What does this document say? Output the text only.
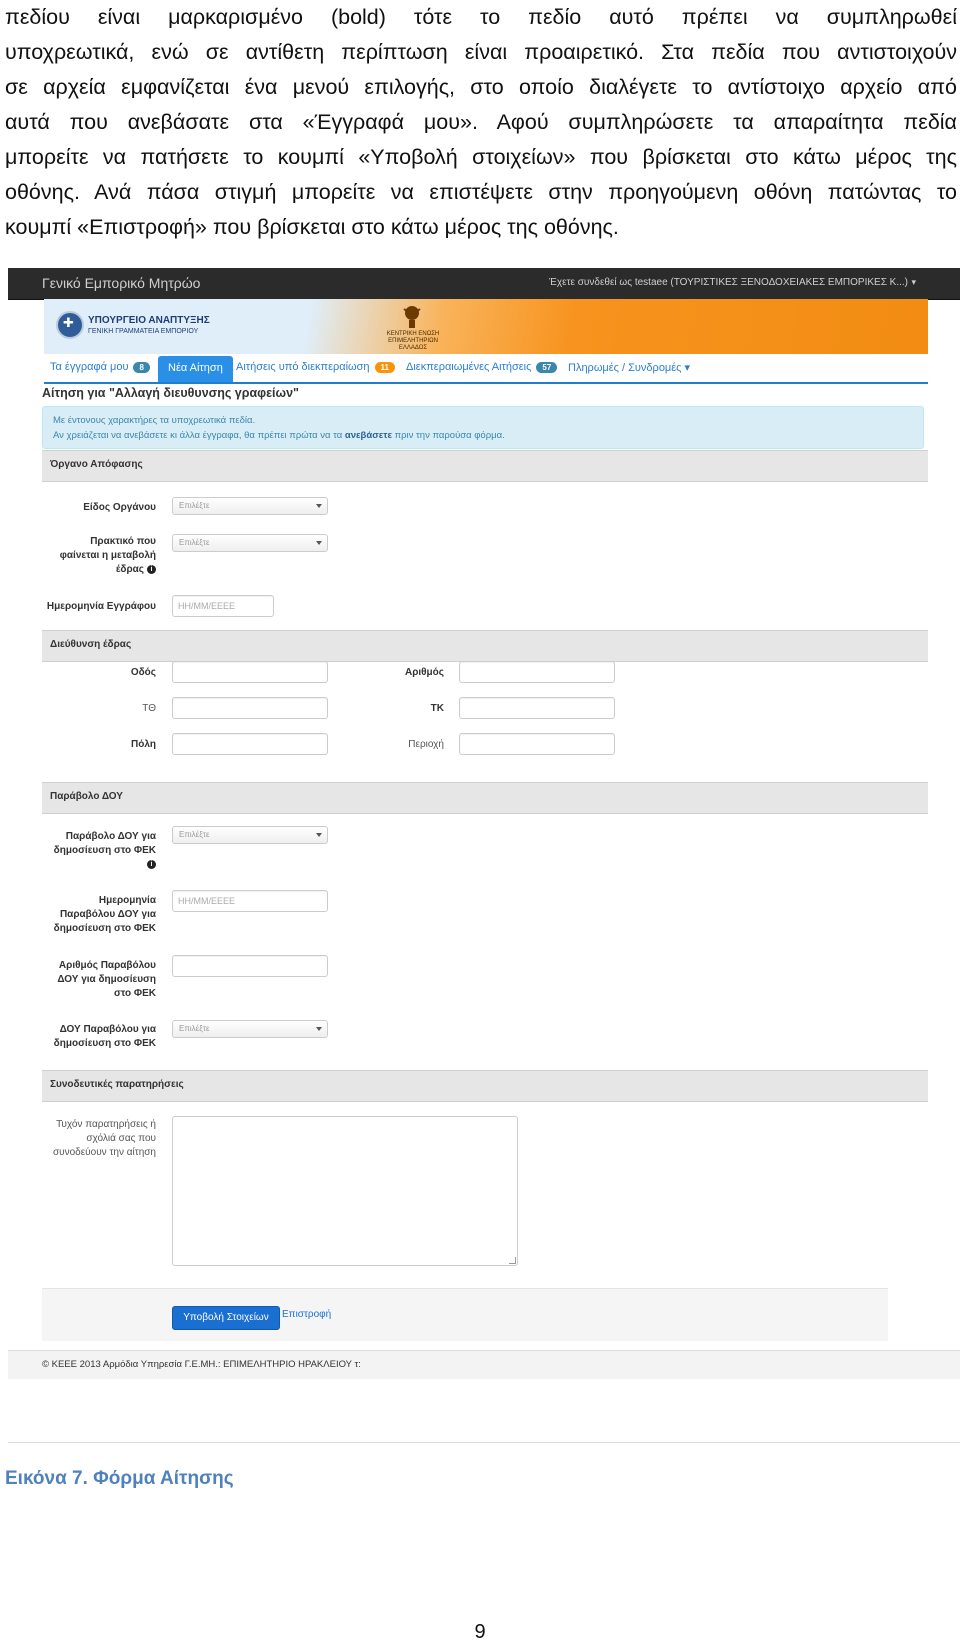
πεδίου είναι μαρκαρισμένο (bold) τότε το πεδίο αυτό πρέπει να συμπληρωθεί
υποχρεωτικά, ενώ σε αντίθετη περίπτωση είναι προαιρετικό. Στα πεδία που αντιστοιχούν
σε αρχεία εμφανίζεται ένα μενού επιλογής, στο οποίο διαλέγετε το αντίστοιχο αρχείο από
αυτά που ανεβάσατε στα «Έγγραφά μου». Αφού συμπληρώσετε τα απαραίτητα πεδία
μπορείτε να πατήσετε το κουμπί «Υποβολή στοιχείων» που βρίσκεται στο κάτω μέρος της
οθόνης. Ανά πάσα στιγμή μπορείτε να επιστέψετε στην προηγούμενη οθόνη πατώντας το
κουμπί «Επιστροφή» που βρίσκεται στο κάτω μέρος της οθόνης.
Γενικό Εμπορικό Μητρώο	Έχετε συνδεθεί ως testaee (ΤΟΥΡΙΣΤΙΚΕΣ ΞΕΝΟΔΟΧΕΙΑΚΕΣ ΕΜΠΟΡΙΚΕΣ Κ...) ▾
✚
ΥΠΟΥΡΓΕΙΟ ΑΝΑΠΤΥΞΗΣ
ΓΕΝΙΚΗ ΓΡΑΜΜΑΤΕΙΑ ΕΜΠΟΡΙΟΥ	ΚΕΝΤΡΙΚΗ ΕΝΩΣΗ ΕΠΙΜΕΛΗΤΗΡΙΩΝ ΕΛΛΑΔΟΣ
Τα έγγραφά μου 8	Νέα Αίτηση	Αιτήσεις υπό διεκπεραίωση 11	Διεκπεραιωμένες Αιτήσεις 57	Πληρωμές / Συνδρομές ▾
Αίτηση για "Αλλαγή διευθυνσης γραφείων"
Με έντονους χαρακτήρες τα υποχρεωτικά πεδία.
Αν χρειάζεται να ανεβάσετε κι άλλα έγγραφα, θα πρέπει πρώτα να τα ανεβάσετε πριν την παρούσα φόρμα.
Όργανο Απόφασης
Είδος Οργάνου	Επιλέξτε
Πρακτικό που
φαίνεται η μεταβολή
έδρας i
Επιλέξτε
Ημερομηνία Εγγράφου ΗΗ/ΜΜ/ΕΕΕΕ
Διεύθυνση έδρας
Οδός	Αριθμός
ΤΘ	ΤΚ
Πόλη	Περιοχή
Παράβολο ΔΟΥ
Παράβολο ΔΟΥ για
δημοσίευση στο ΦΕΚ
i
Επιλέξτε
Ημερομηνία
Παραβόλου ΔΟΥ για
δημοσίευση στο ΦΕΚ
ΗΗ/ΜΜ/ΕΕΕΕ
Αριθμός Παραβόλου
ΔΟΥ για δημοσίευση
στο ΦΕΚ
ΔΟΥ Παραβόλου για
δημοσίευση στο ΦΕΚ
Επιλέξτε
Συνοδευτικές παρατηρήσεις
Τυχόν παρατηρήσεις ή
σχόλιά σας που
συνοδεύουν την αίτηση
Υποβολή Στοιχείων	Επιστροφή
© ΚΕΕΕ 2013 Αρμόδια Υπηρεσία Γ.Ε.ΜΗ.: ΕΠΙΜΕΛΗΤΗΡΙΟ ΗΡΑΚΛΕΙΟΥ τ:
Εικόνα 7. Φόρμα Αίτησης
9
